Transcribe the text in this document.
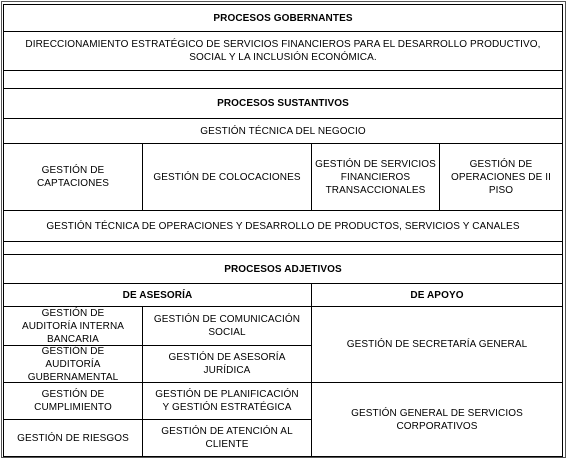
PROCESOS GOBERNANTES
DIRECCIONAMIENTO ESTRATÉGICO DE SERVICIOS FINANCIEROS PARA EL DESARROLLO PRODUCTIVO, SOCIAL Y LA INCLUSIÓN ECONÓMICA.
PROCESOS SUSTANTIVOS
GESTIÓN TÉCNICA DEL NEGOCIO
GESTIÓN DE CAPTACIONES
GESTIÓN DE COLOCACIONES
GESTIÓN DE SERVICIOS FINANCIEROS TRANSACCIONALES
GESTIÓN DE OPERACIONES DE II PISO
GESTIÓN TÉCNICA DE OPERACIONES Y DESARROLLO DE PRODUCTOS, SERVICIOS Y CANALES
PROCESOS ADJETIVOS
DE ASESORÍA	DE APOYO
GESTIÓN DE AUDITORÍA INTERNA BANCARIA
GESTIÓN DE AUDITORÍA GUBERNAMENTAL
GESTIÓN DE CUMPLIMIENTO
GESTIÓN DE RIESGOS
GESTIÓN DE COMUNICACIÓN SOCIAL
GESTIÓN DE ASESORÍA JURÍDICA
GESTIÓN DE PLANIFICACIÓN Y GESTIÓN ESTRATÉGICA
GESTIÓN DE ATENCIÓN AL CLIENTE
GESTIÓN DE SECRETARÍA GENERAL
GESTIÓN GENERAL DE SERVICIOS CORPORATIVOS
